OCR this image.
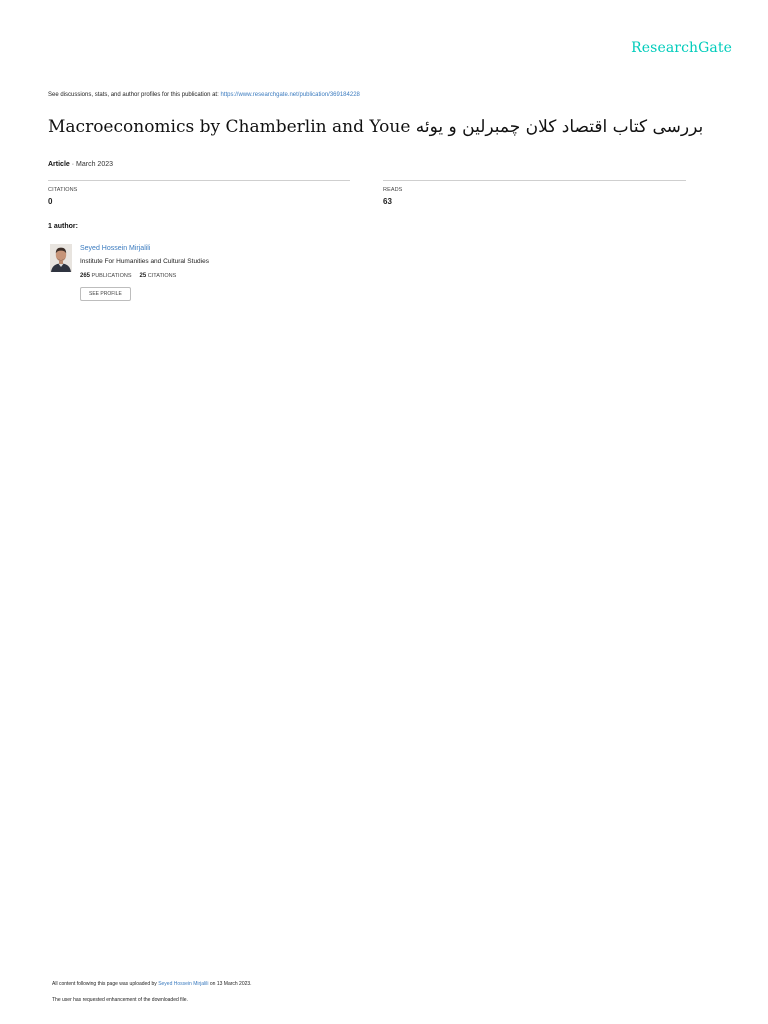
ResearchGate
See discussions, stats, and author profiles for this publication at: https://www.researchgate.net/publication/369184228
Macroeconomics by Chamberlin and Youe بررسی کتاب اقتصاد کلان چمبرلین و یوئه
Article · March 2023
CITATIONS
0
READS
63
1 author:
Seyed Hossein Mirjalili
Institute For Humanities and Cultural Studies
265 PUBLICATIONS 25 CITATIONS
SEE PROFILE
All content following this page was uploaded by Seyed Hossein Mirjalili on 13 March 2023.
The user has requested enhancement of the downloaded file.
